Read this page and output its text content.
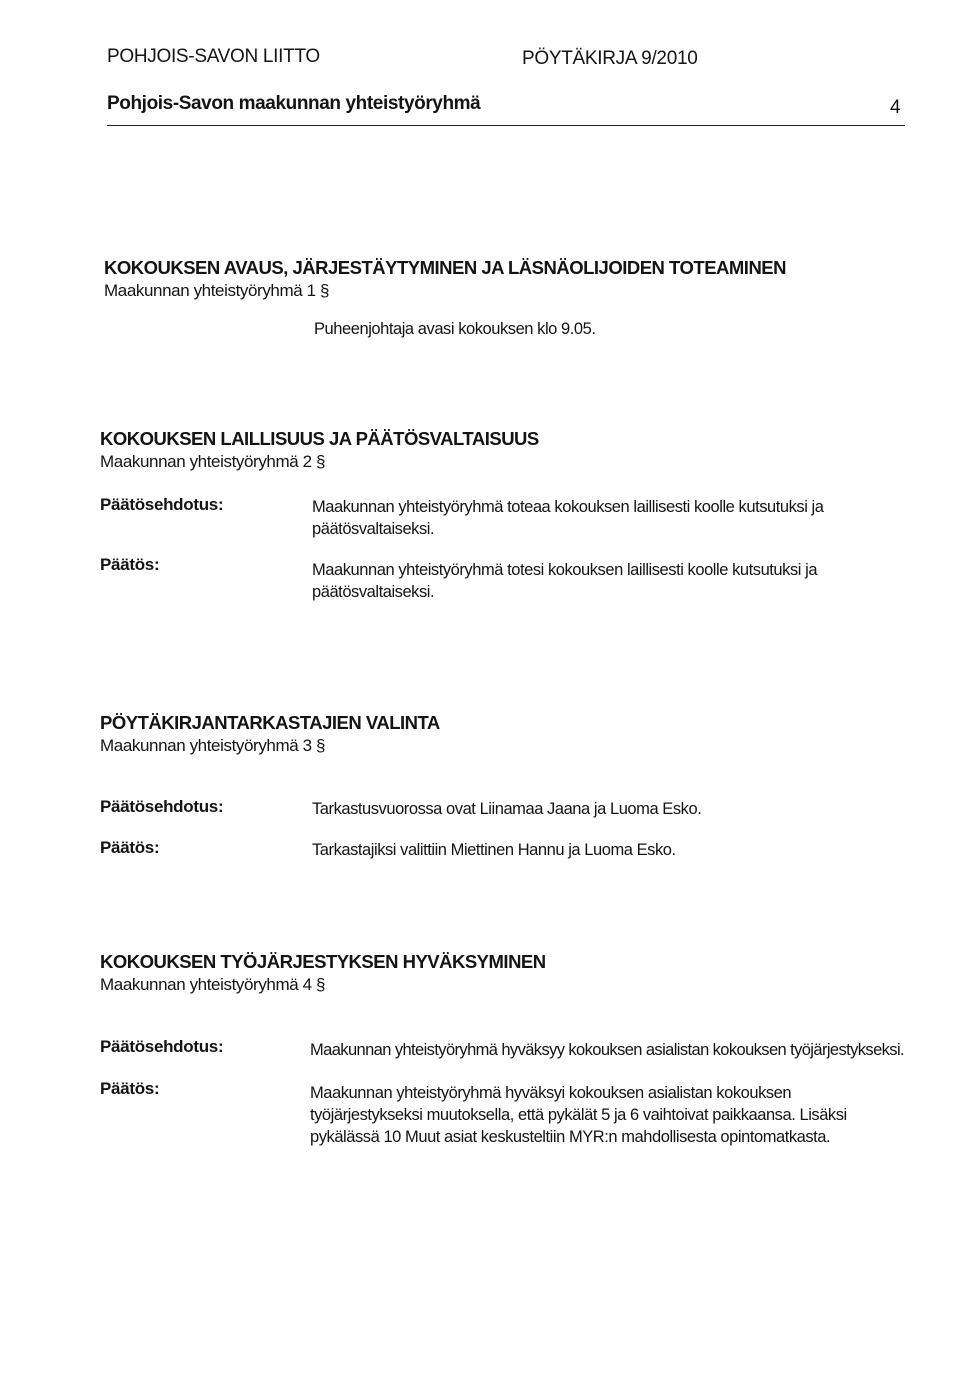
POHJOIS-SAVON LIITTO	PÖYTÄKIRJA 9/2010
Pohjois-Savon maakunnan yhteistyöryhmä	4
KOKOUKSEN AVAUS, JÄRJESTÄYTYMINEN JA LÄSNÄOLIJOIDEN TOTEAMINEN
Maakunnan yhteistyöryhmä 1 §
Puheenjohtaja avasi kokouksen klo 9.05.
KOKOUKSEN LAILLISUUS JA PÄÄTÖSVALTAISUUS
Maakunnan yhteistyöryhmä 2 §
Päätösehdotus:	Maakunnan yhteistyöryhmä toteaa kokouksen laillisesti koolle kutsutuksi ja päätösvaltaiseksi.
Päätös:	Maakunnan yhteistyöryhmä totesi kokouksen laillisesti koolle kutsutuksi ja päätösvaltaiseksi.
PÖYTÄKIRJANTARKASTAJIEN VALINTA
Maakunnan yhteistyöryhmä 3 §
Päätösehdotus:	Tarkastusvuorossa ovat Liinamaa Jaana ja Luoma Esko.
Päätös:	Tarkastajiksi valittiin Miettinen Hannu ja Luoma Esko.
KOKOUKSEN TYÖJÄRJESTYKSEN HYVÄKSYMINEN
Maakunnan yhteistyöryhmä 4 §
Päätösehdotus:	Maakunnan yhteistyöryhmä hyväksyy kokouksen asialistan kokouksen työjärjestykseksi.
Päätös:	Maakunnan yhteistyöryhmä hyväksyi kokouksen asialistan kokouksen työjärjestykseksi muutoksella, että pykälät 5 ja 6 vaihtoivat paikkaansa. Lisäksi pykälässä 10 Muut asiat keskusteltiin MYR:n mahdollisesta opintomatkasta.
